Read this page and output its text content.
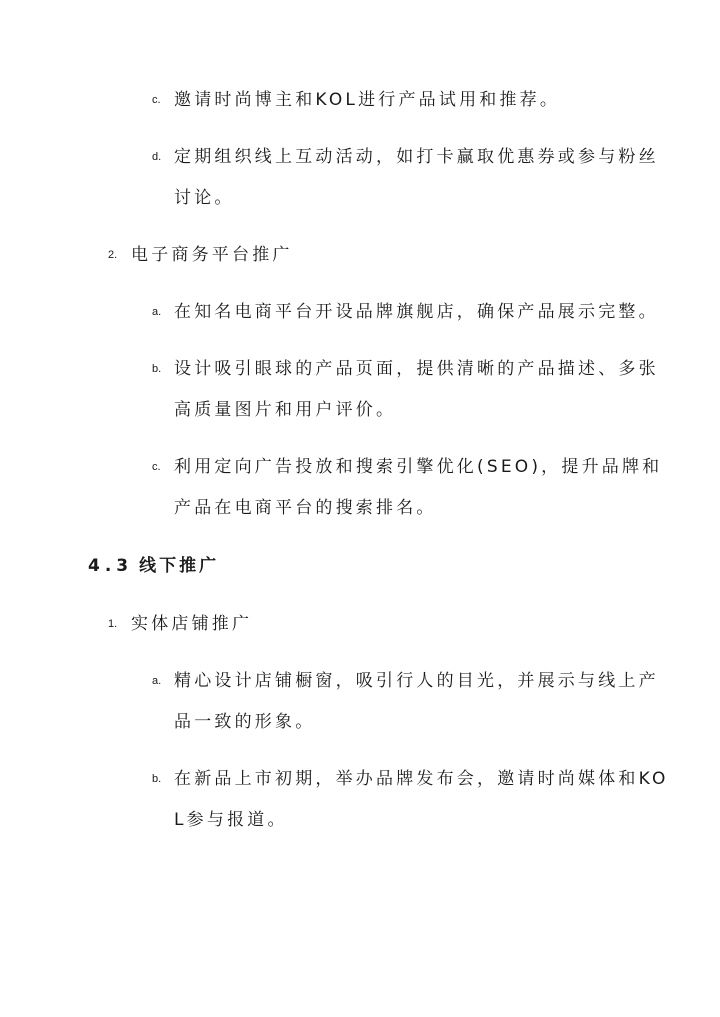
c. 邀请时尚博主和KOL进行产品试用和推荐。
d. 定期组织线上互动活动，如打卡赢取优惠券或参与粉丝
讨论。
2. 电子商务平台推广
a. 在知名电商平台开设品牌旗舰店，确保产品展示完整。
b. 设计吸引眼球的产品页面，提供清晰的产品描述、多张
高质量图片和用户评价。
c. 利用定向广告投放和搜索引擎优化(SEO)，提升品牌和
产品在电商平台的搜索排名。
4.3 线下推广
1. 实体店铺推广
a. 精心设计店铺橱窗，吸引行人的目光，并展示与线上产
品一致的形象。
b. 在新品上市初期，举办品牌发布会，邀请时尚媒体和KO
L参与报道。
